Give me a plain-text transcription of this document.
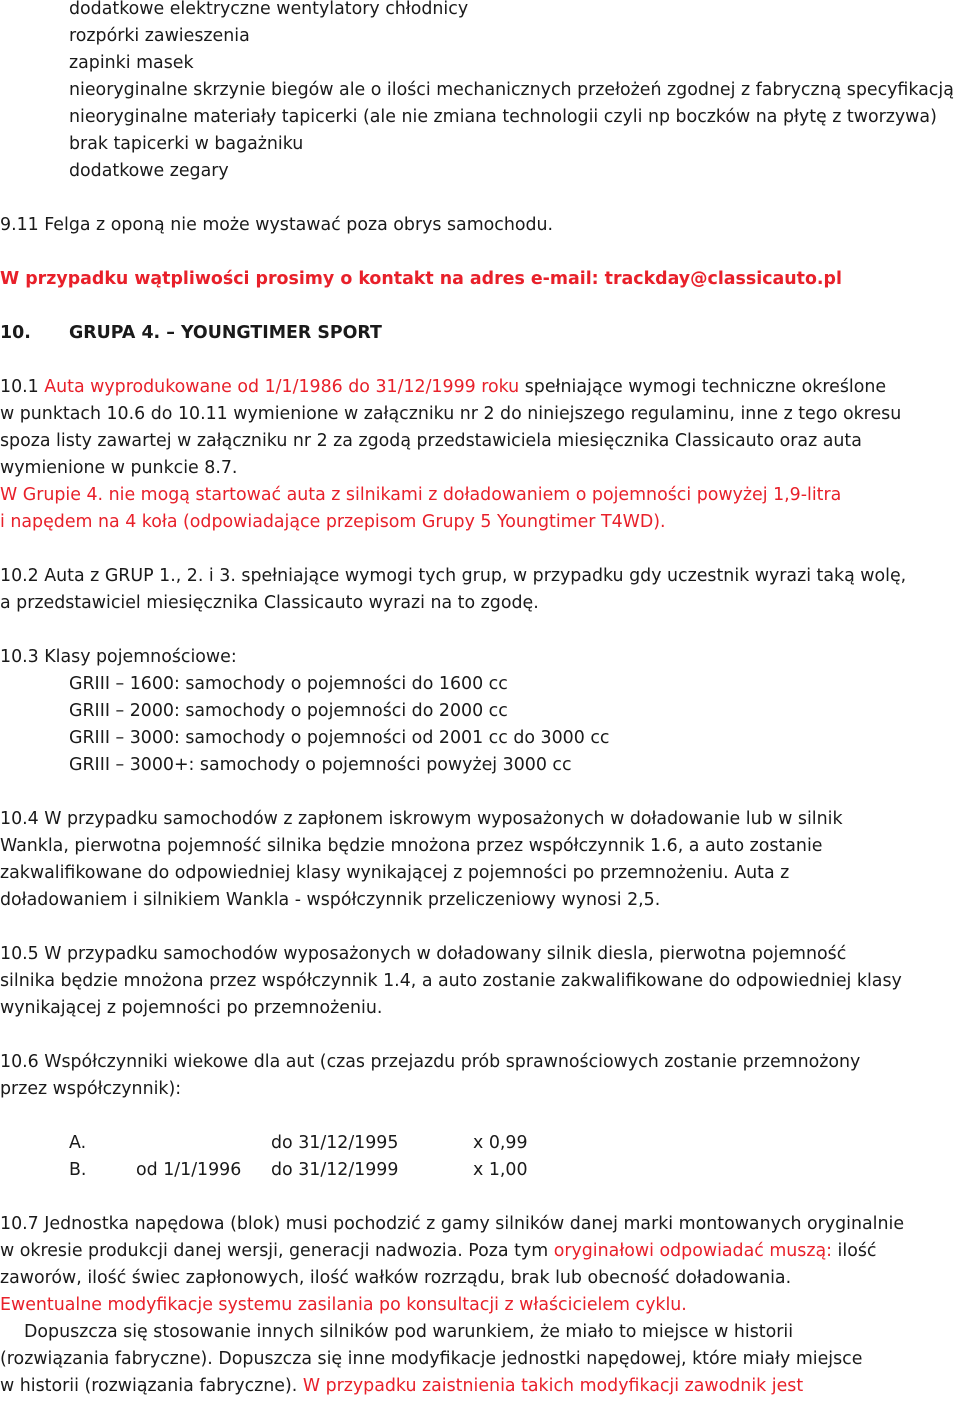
dodatkowe elektryczne wentylatory chłodnicy
rozpórki zawieszenia
zapinki masek
nieoryginalne skrzynie biegów ale o ilości mechanicznych przełożeń zgodnej z fabryczną specyfikacją
nieoryginalne materiały tapicerki (ale nie zmiana technologii czyli np boczków na płytę z tworzywa)
brak tapicerki w bagażniku
dodatkowe zegary
9.11 Felga z oponą nie może wystawać poza obrys samochodu.
W przypadku wątpliwości prosimy o kontakt na adres e-mail: trackday@classicauto.pl
10. GRUPA 4. – YOUNGTIMER SPORT
10.1 Auta wyprodukowane od 1/1/1986 do 31/12/1999 roku spełniające wymogi techniczne określone
w punktach 10.6 do 10.11 wymienione w załączniku nr 2 do niniejszego regulaminu, inne z tego okresu
spoza listy zawartej w załączniku nr 2 za zgodą przedstawiciela miesięcznika Classicauto oraz auta
wymienione w punkcie 8.7.
W Grupie 4. nie mogą startować auta z silnikami z doładowaniem o pojemności powyżej 1,9-litra
i napędem na 4 koła (odpowiadające przepisom Grupy 5 Youngtimer T4WD).
10.2 Auta z GRUP 1., 2. i 3. spełniające wymogi tych grup, w przypadku gdy uczestnik wyrazi taką wolę,
a przedstawiciel miesięcznika Classicauto wyrazi na to zgodę.
10.3 Klasy pojemnościowe:
GRIII – 1600: samochody o pojemności do 1600 cc
GRIII – 2000: samochody o pojemności do 2000 cc
GRIII – 3000: samochody o pojemności od 2001 cc do 3000 cc
GRIII – 3000+: samochody o pojemności powyżej 3000 cc
10.4 W przypadku samochodów z zapłonem iskrowym wyposażonych w doładowanie lub w silnik
Wankla, pierwotna pojemność silnika będzie mnożona przez współczynnik 1.6, a auto zostanie
zakwalifikowane do odpowiedniej klasy wynikającej z pojemności po przemnożeniu. Auta z
doładowaniem i silnikiem Wankla - współczynnik przeliczeniowy wynosi 2,5.
10.5 W przypadku samochodów wyposażonych w doładowany silnik diesla, pierwotna pojemność
silnika będzie mnożona przez współczynnik 1.4, a auto zostanie zakwalifikowane do odpowiedniej klasy
wynikającej z pojemności po przemnożeniu.
10.6 Współczynniki wiekowe dla aut (czas przejazdu prób sprawnościowych zostanie przemnożony
przez współczynnik):
A.	do 31/12/1995	x 0,99
B.	od 1/1/1996 do 31/12/1999	x 1,00
10.7 Jednostka napędowa (blok) musi pochodzić z gamy silników danej marki montowanych oryginalnie
w okresie produkcji danej wersji, generacji nadwozia. Poza tym oryginałowi odpowiadać muszą: ilość
zaworów, ilość świec zapłonowych, ilość wałków rozrządu, brak lub obecność doładowania.
Ewentualne modyfikacje systemu zasilania po konsultacji z właścicielem cyklu.
Dopuszcza się stosowanie innych silników pod warunkiem, że miało to miejsce w historii
(rozwiązania fabryczne). Dopuszcza się inne modyfikacje jednostki napędowej, które miały miejsce
w historii (rozwiązania fabryczne). W przypadku zaistnienia takich modyfikacji zawodnik jest
